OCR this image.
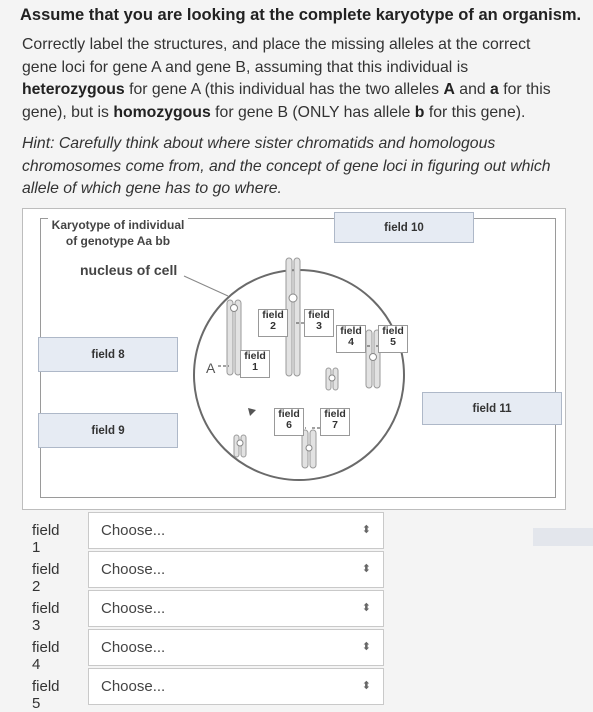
Assume that you are looking at the complete karyotype of an organism.
Correctly label the structures, and place the missing alleles at the correct gene loci for gene A and gene B, assuming that this individual is heterozygous for gene A (this individual has the two alleles A and a for this gene), but is homozygous for gene B (ONLY has allele b for this gene).
Hint: Carefully think about where sister chromatids and homologous chromosomes come from, and the concept of gene loci in figuring out which allele of which gene has to go where.
Karyotype of individual
of genotype Aa bb
nucleus of cell
A
field
2
field
3	field
4
field
5
field
1
field
6
field
7
field 8
field 9
field 10
field 11
field 1
Choose...	⬍
field 2
Choose...	⬍
field 3
Choose...	⬍
field 4
Choose...	⬍
field 5
Choose...	⬍
